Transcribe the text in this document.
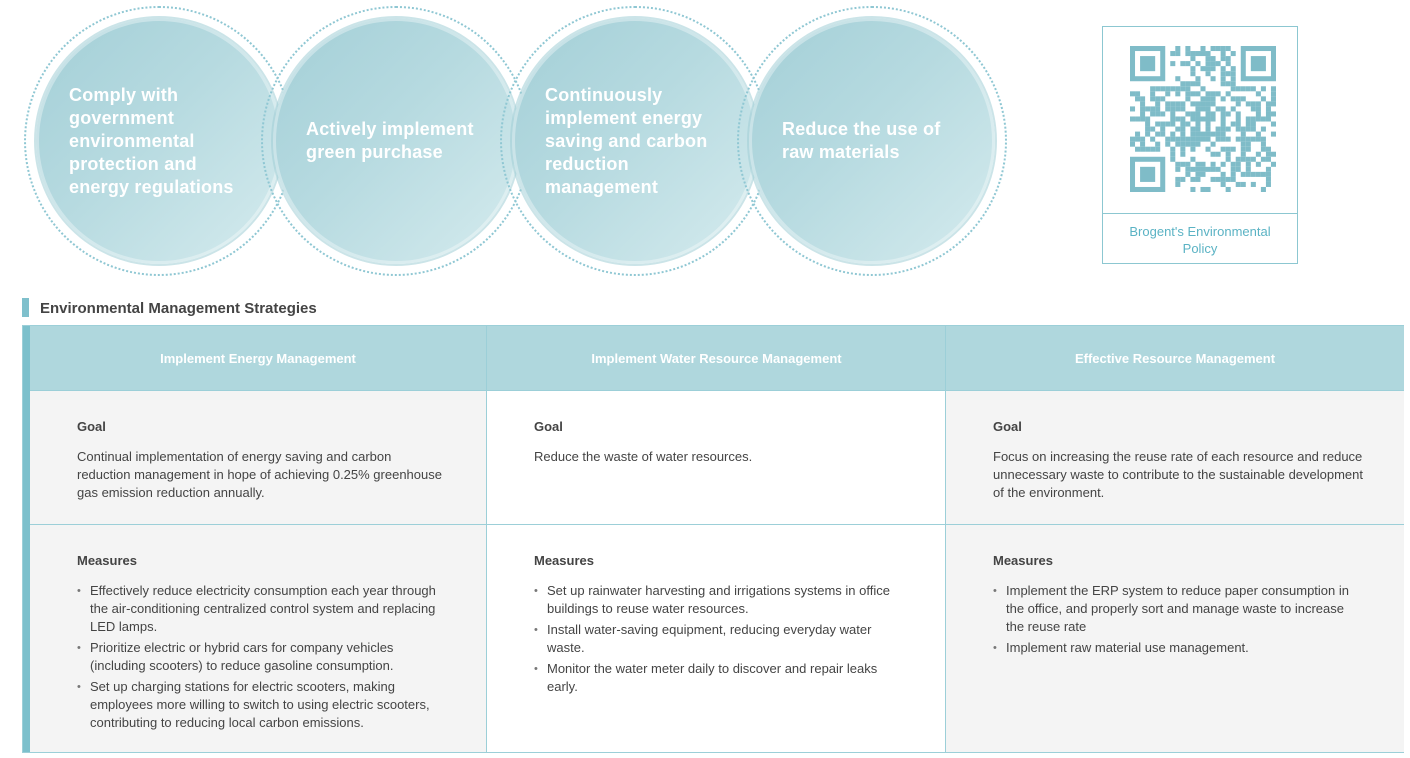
Comply with government environmental protection and energy regulations
Actively implement green purchase
Continuously implement energy saving and carbon reduction management
Reduce the use of raw materials
Brogent's Environmental Policy
Environmental Management Strategies
Implement Energy Management
Goal
Continual implementation of energy saving and carbon reduction management in hope of achieving 0.25% greenhouse gas emission reduction annually.
Measures
• Effectively reduce electricity consumption each year through the air-conditioning centralized control system and replacing LED lamps.
• Prioritize electric or hybrid cars for company vehicles (including scooters) to reduce gasoline consumption.
• Set up charging stations for electric scooters, making employees more willing to switch to using electric scooters, contributing to reducing local carbon emissions.
Implement Water Resource Management
Goal
Reduce the waste of water resources.
Measures
• Set up rainwater harvesting and irrigations systems in office buildings to reuse water resources.
• Install water-saving equipment, reducing everyday water waste.
• Monitor the water meter daily to discover and repair leaks early.
Effective Resource Management
Goal
Focus on increasing the reuse rate of each resource and reduce unnecessary waste to contribute to the sustainable development of the environment.
Measures
• Implement the ERP system to reduce paper consumption in the office, and properly sort and manage waste to increase the reuse rate
• Implement raw material use management.
